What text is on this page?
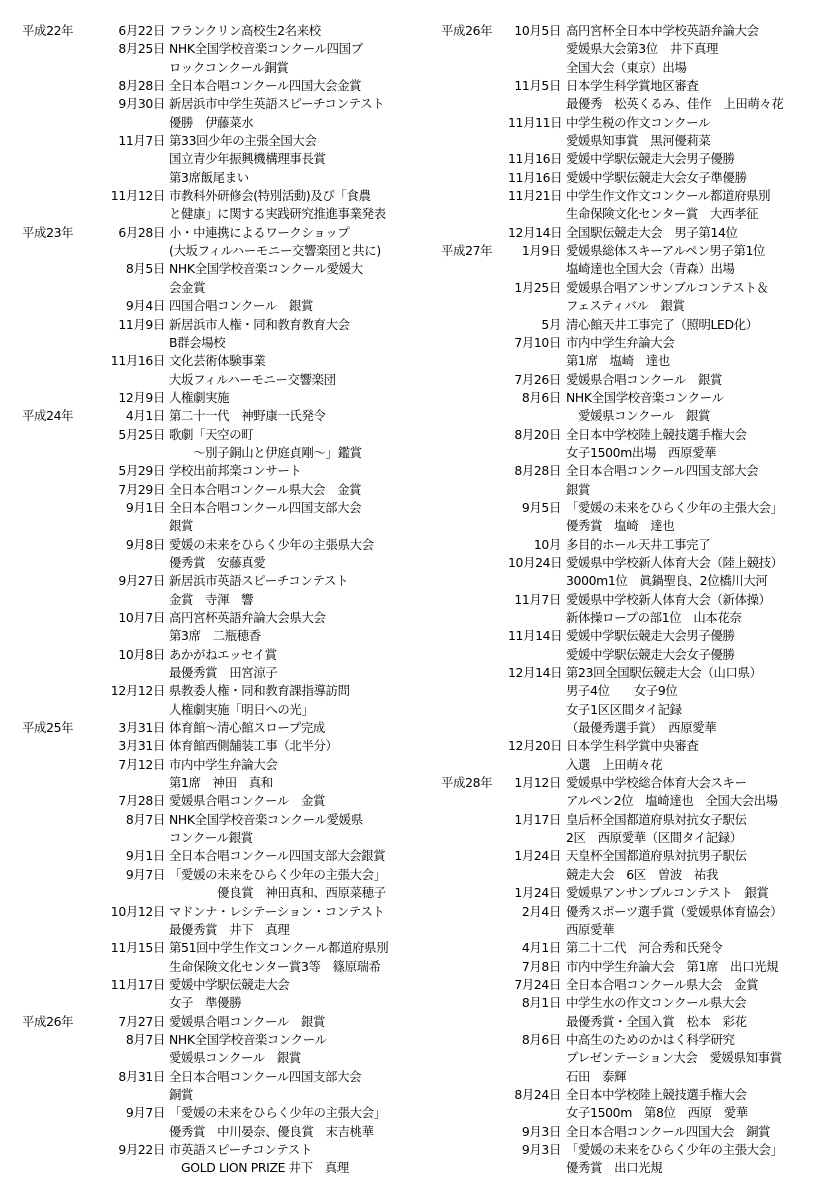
平成22年	6月22日 フランクリン高校生2名来校
8月25日 NHK全国学校音楽コンクール四国ブ
ロックコンクール銅賞
8月28日 全日本合唱コンクール四国大会金賞
9月30日 新居浜市中学生英語スピーチコンテスト
優勝　伊藤菜水
11月7日 第33回少年の主張全国大会
国立青少年振興機構理事長賞
第3席飯尾まい
11月12日 市教科外研修会(特別活動)及び「食農
と健康」に関する実践研究推進事業発表
平成23年	6月28日 小・中連携によるワークショップ
(大坂フィルハーモニー交響楽団と共に)
8月5日 NHK全国学校音楽コンクール愛媛大
会金賞
9月4日 四国合唱コンクール　銀賞
11月9日 新居浜市人権・同和教育教育大会
B群会場校
11月16日 文化芸術体験事業
大坂フィルハーモニー交響楽団
12月9日 人権劇実施
平成24年	4月1日 第二十一代　神野康一氏発令
5月25日 歌劇「天空の町
　　～別子銅山と伊庭貞剛～」鑑賞
5月29日 学校出前邦楽コンサート
7月29日 全日本合唱コンクール県大会　金賞
9月1日 全日本合唱コンクール四国支部大会
銀賞
9月8日 愛媛の未来をひらく少年の主張県大会
優秀賞　安藤真愛
9月27日 新居浜市英語スピーチコンテスト
金賞　寺渾　響
10月7日 高円宮杯英語弁論大会県大会
第3席　二瓶穂香
10月8日 あかがねエッセイ賞
最優秀賞　田宮涼子
12月12日　　
県教委人権・同和教育課指導訪問
人権劇実施「明日への光」
平成25年	3月31日 体育館～清心館スロープ完成
3月31日 体育館西側舗装工事（北半分）
7月12日 市内中学生弁論大会
第1席　神田　真和
7月28日 愛媛県合唱コンクール　金賞
8月7日 NHK全国学校音楽コンクール愛媛県
コンクール銀賞
9月1日 全日本合唱コンクール四国支部大会銀賞
9月7日 「愛媛の未来をひらく少年の主張大会」
　　　　優良賞　神田真和、西原菜穂子
10月12日 マドンナ・レシテーション・コンテスト
最優秀賞　井下　真理
11月15日 第51回中学生作文コンクール都道府県別
生命保険文化センター賞3等　篠原瑞希
11月17日 愛媛中学駅伝競走大会
女子　準優勝
平成26年	7月27日 愛媛県合唱コンクール　銀賞
8月7日 NHK全国学校音楽コンクール
愛媛県コンクール　銀賞
8月31日 全日本合唱コンクール四国支部大会
銅賞
9月7日 「愛媛の未来をひらく少年の主張大会」
優秀賞　中川晏奈、優良賞　末吉桃華
9月22日 市英語スピーチコンテスト
　GOLD LION PRIZE 井下　真理
平成26年	10月5日 高円宮杯全日本中学校英語弁論大会
愛媛県大会第3位　井下真理
全国大会（東京）出場
11月5日 日本学生科学賞地区審査
最優秀　松英くるみ、佳作　上田萌々花
11月11日 中学生税の作文コンクール
愛媛県知事賞　黒河優莉菜
11月16日 愛媛中学駅伝競走大会男子優勝
11月16日 愛媛中学駅伝競走大会女子準優勝
11月21日 中学生作文作文コンクール都道府県別
生命保険文化センター賞　大西孝征
12月14日 全国駅伝競走大会　男子第14位
平成27年	1月9日 愛媛県総体スキーアルペン男子第1位
塩崎達也全国大会（青森）出場
1月25日 愛媛県合唱アンサンブルコンテスト＆
フェスティバル　銀賞
5月 清心館天井工事完了（照明LED化）
7月10日 市内中学生弁論大会
第1席　塩崎　達也
7月26日 愛媛県合唱コンクール　銀賞
8月6日 NHK全国学校音楽コンクール
　愛媛県コンクール　銀賞
8月20日 全日本中学校陸上競技選手権大会
女子1500m出場　西原愛華
8月28日 全日本合唱コンクール四国支部大会
銀賞
9月5日 「愛媛の未来をひらく少年の主張大会」
優秀賞　塩崎　達也
10月 多目的ホール天井工事完了
10月24日 愛媛県中学校新人体育大会（陸上競技）
3000m1位　眞鍋聖良、2位橋川大河
11月7日 愛媛県中学校新人体育大会（新体操）
新体操ロープの部1位　山本花奈
11月14日 愛媛中学駅伝競走大会男子優勝
愛媛中学駅伝競走大会女子優勝
12月14日 第23回全国駅伝競走大会（山口県）
男子4位　　女子9位
女子1区区間タイ記録
（最優秀選手賞）　西原愛華
12月20日 日本学生科学賞中央審査
入選　上田萌々花
平成28年	1月12日 愛媛県中学校総合体育大会スキー
アルペン2位　塩崎達也　全国大会出場
1月17日 皇后杯全国都道府県対抗女子駅伝
2区　西原愛華（区間タイ記録）
1月24日 天皇杯全国都道府県対抗男子駅伝
競走大会　6区　曽波　祐我
1月24日 愛媛県アンサンブルコンテスト　銀賞
2月4日 優秀スポーツ選手賞（愛媛県体育協会）
西原愛華
4月1日 第二十二代　河合秀和氏発令
7月8日 市内中学生弁論大会　第1席　出口光規
7月24日 全日本合唱コンクール県大会　金賞
8月1日 中学生水の作文コンクール県大会
最優秀賞・全国入賞　松本　彩花
8月6日 中高生のためのかはく科学研究
プレゼンテーション大会　愛媛県知事賞
石田　泰輝
8月24日 全日本中学校陸上競技選手権大会
女子1500m　第8位　西原　愛華
9月3日 全日本合唱コンクール四国大会　銅賞
9月3日 「愛媛の未来をひらく少年の主張大会」
優秀賞　出口光規
